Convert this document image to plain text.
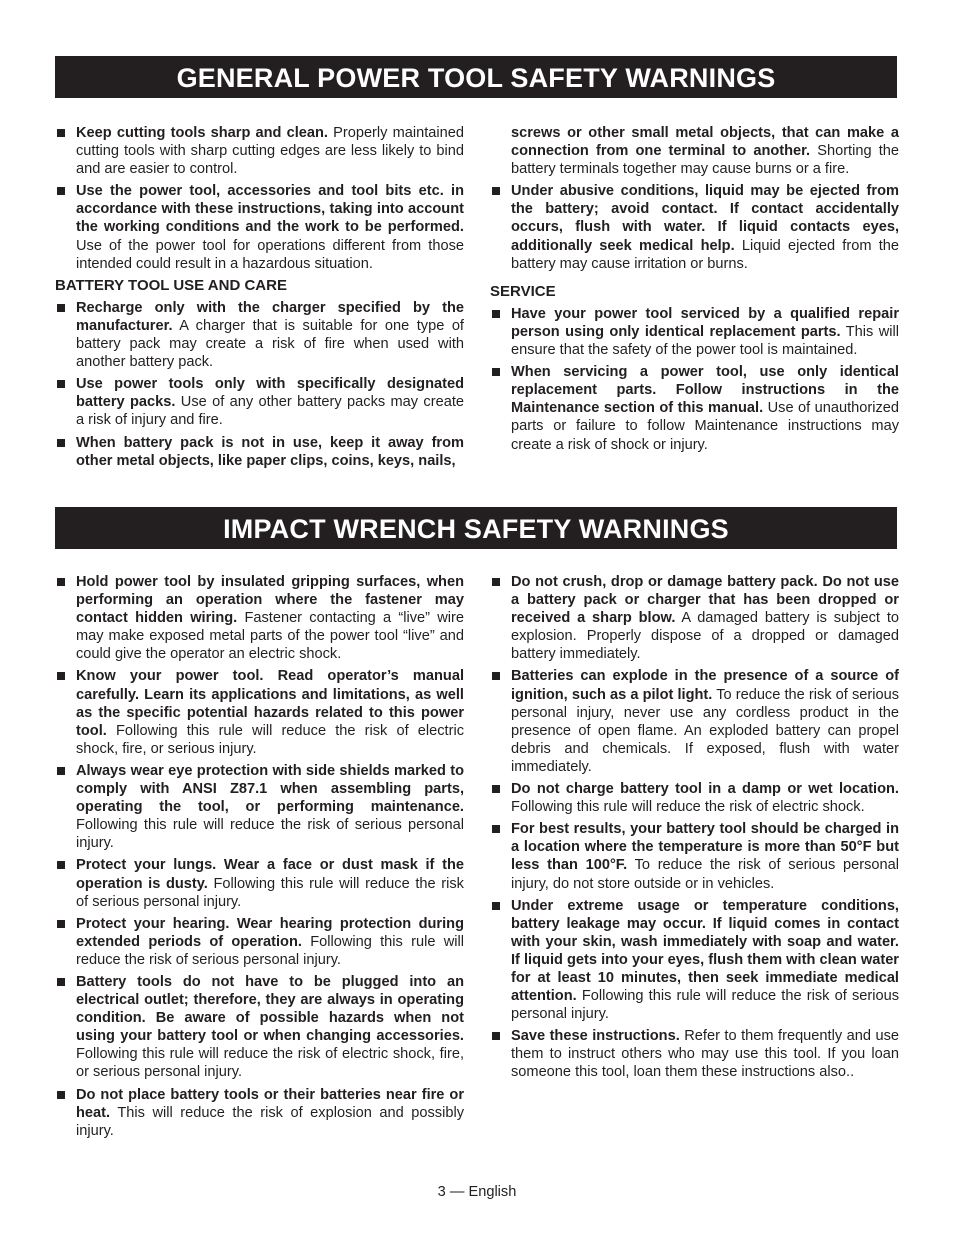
GENERAL POWER TOOL SAFETY WARNINGS
Keep cutting tools sharp and clean. Properly maintained cutting tools with sharp cutting edges are less likely to bind and are easier to control.
Use the power tool, accessories and tool bits etc. in accordance with these instructions, taking into account the working conditions and the work to be performed. Use of the power tool for operations different from those intended could result in a hazardous situation.
BATTERY TOOL USE AND CARE
Recharge only with the charger specified by the manufacturer. A charger that is suitable for one type of battery pack may create a risk of fire when used with another battery pack.
Use power tools only with specifically designated battery packs. Use of any other battery packs may create a risk of injury and fire.
When battery pack is not in use, keep it away from other metal objects, like paper clips, coins, keys, nails,
screws or other small metal objects, that can make a connection from one terminal to another. Shorting the battery terminals together may cause burns or a fire.
Under abusive conditions, liquid may be ejected from the battery; avoid contact. If contact accidentally occurs, flush with water. If liquid contacts eyes, additionally seek medical help. Liquid ejected from the battery may cause irritation or burns.
SERVICE
Have your power tool serviced by a qualified repair person using only identical replacement parts. This will ensure that the safety of the power tool is maintained.
When servicing a power tool, use only identical replacement parts. Follow instructions in the Maintenance section of this manual. Use of unauthorized parts or failure to follow Maintenance instructions may create a risk of shock or injury.
IMPACT WRENCH SAFETY WARNINGS
Hold power tool by insulated gripping surfaces, when performing an operation where the fastener may contact hidden wiring. Fastener contacting a “live” wire may make exposed metal parts of the power tool “live” and could give the operator an electric shock.
Know your power tool. Read operator’s manual carefully. Learn its applications and limitations, as well as the specific potential hazards related to this power tool. Following this rule will reduce the risk of electric shock, fire, or serious injury.
Always wear eye protection with side shields marked to comply with ANSI Z87.1 when assembling parts, operating the tool, or performing maintenance. Following this rule will reduce the risk of serious personal injury.
Protect your lungs. Wear a face or dust mask if the operation is dusty. Following this rule will reduce the risk of serious personal injury.
Protect your hearing. Wear hearing protection during extended periods of operation. Following this rule will reduce the risk of serious personal injury.
Battery tools do not have to be plugged into an electrical outlet; therefore, they are always in operating condition. Be aware of possible hazards when not using your battery tool or when changing accessories. Following this rule will reduce the risk of electric shock, fire, or serious personal injury.
Do not place battery tools or their batteries near fire or heat. This will reduce the risk of explosion and possibly injury.
Do not crush, drop or damage battery pack. Do not use a battery pack or charger that has been dropped or received a sharp blow. A damaged battery is subject to explosion. Properly dispose of a dropped or damaged battery immediately.
Batteries can explode in the presence of a source of ignition, such as a pilot light. To reduce the risk of serious personal injury, never use any cordless product in the presence of open flame. An exploded battery can propel debris and chemicals. If exposed, flush with water immediately.
Do not charge battery tool in a damp or wet location. Following this rule will reduce the risk of electric shock.
For best results, your battery tool should be charged in a location where the temperature is more than 50°F but less than 100°F. To reduce the risk of serious personal injury, do not store outside or in vehicles.
Under extreme usage or temperature conditions, battery leakage may occur. If liquid comes in contact with your skin, wash immediately with soap and water. If liquid gets into your eyes, flush them with clean water for at least 10 minutes, then seek immediate medical attention. Following this rule will reduce the risk of serious personal injury.
Save these instructions. Refer to them frequently and use them to instruct others who may use this tool. If you loan someone this tool, loan them these instructions also..
3 — English
